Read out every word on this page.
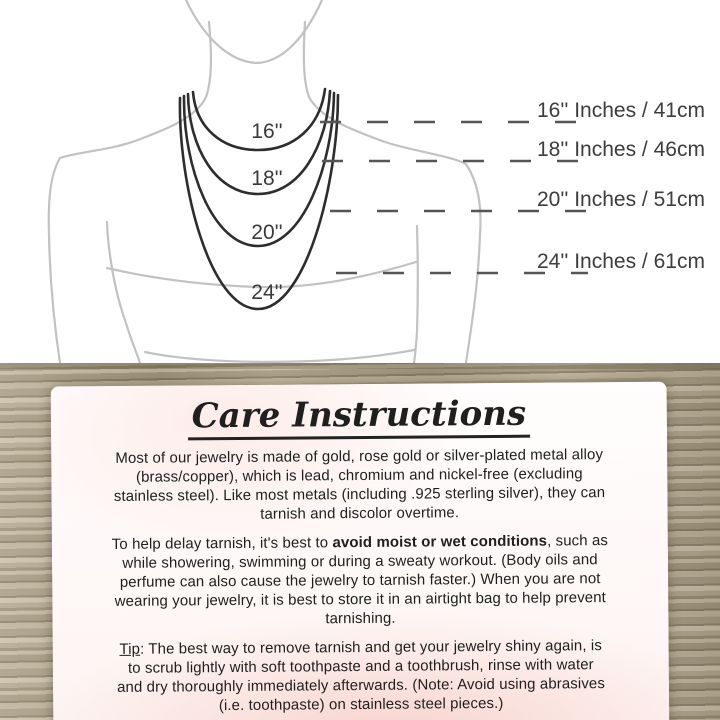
16''
18''
20''
24''
16'' Inches / 41cm
18'' Inches / 46cm
20'' Inches / 51cm
24'' Inches / 61cm
Care Instructions

Most of our jewelry is made of gold, rose gold or silver-plated metal alloy
(brass/copper), which is lead, chromium and nickel-free (excluding
stainless steel). Like most metals (including .925 sterling silver), they can
tarnish and discolor overtime.

To help delay tarnish, it's best to avoid moist or wet conditions, such as
while showering, swimming or during a sweaty workout. (Body oils and
perfume can also cause the jewelry to tarnish faster.) When you are not
wearing your jewelry, it is best to store it in an airtight bag to help prevent
tarnishing.

Tip: The best way to remove tarnish and get your jewelry shiny again, is
to scrub lightly with soft toothpaste and a toothbrush, rinse with water
and dry thoroughly immediately afterwards. (Note: Avoid using abrasives
(i.e. toothpaste) on stainless steel pieces.)
